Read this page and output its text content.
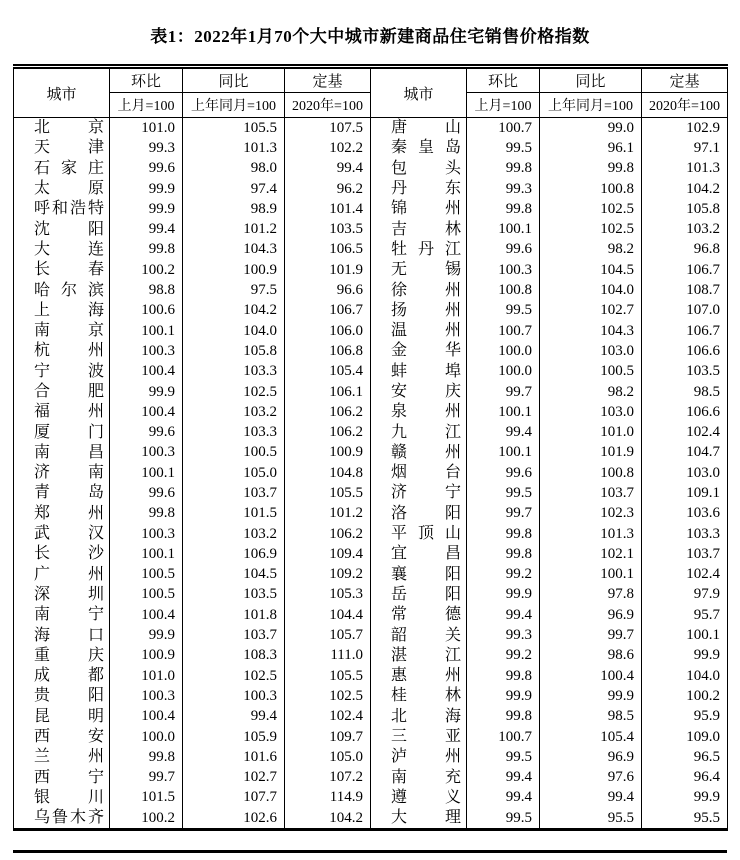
表1：2022年1月70个大中城市新建商品住宅销售价格指数
城市	环比	同比	定基	城市	环比	同比	定基
	上月=100	上年同月=100	2020年=100		上月=100	上年同月=100	2020年=100
北京	101.0	105.5	107.5	唐山	100.7	99.0	102.9
天津	99.3	101.3	102.2	秦皇岛	99.5	96.1	97.1
石家庄	99.6	98.0	99.4	包头	99.8	99.8	101.3
太原	99.9	97.4	96.2	丹东	99.3	100.8	104.2
呼和浩特	99.9	98.9	101.4	锦州	99.8	102.5	105.8
沈阳	99.4	101.2	103.5	吉林	100.1	102.5	103.2
大连	99.8	104.3	106.5	牡丹江	99.6	98.2	96.8
长春	100.2	100.9	101.9	无锡	100.3	104.5	106.7
哈尔滨	98.8	97.5	96.6	徐州	100.8	104.0	108.7
上海	100.6	104.2	106.7	扬州	99.5	102.7	107.0
南京	100.1	104.0	106.0	温州	100.7	104.3	106.7
杭州	100.3	105.8	106.8	金华	100.0	103.0	106.6
宁波	100.4	103.3	105.4	蚌埠	100.0	100.5	103.5
合肥	99.9	102.5	106.1	安庆	99.7	98.2	98.5
福州	100.4	103.2	106.2	泉州	100.1	103.0	106.6
厦门	99.6	103.3	106.2	九江	99.4	101.0	102.4
南昌	100.3	100.5	100.9	赣州	100.1	101.9	104.7
济南	100.1	105.0	104.8	烟台	99.6	100.8	103.0
青岛	99.6	103.7	105.5	济宁	99.5	103.7	109.1
郑州	99.8	101.5	101.2	洛阳	99.7	102.3	103.6
武汉	100.3	103.2	106.2	平顶山	99.8	101.3	103.3
长沙	100.1	106.9	109.4	宜昌	99.8	102.1	103.7
广州	100.5	104.5	109.2	襄阳	99.2	100.1	102.4
深圳	100.5	103.5	105.3	岳阳	99.9	97.8	97.9
南宁	100.4	101.8	104.4	常德	99.4	96.9	95.7
海口	99.9	103.7	105.7	韶关	99.3	99.7	100.1
重庆	100.9	108.3	111.0	湛江	99.2	98.6	99.9
成都	101.0	102.5	105.5	惠州	99.8	100.4	104.0
贵阳	100.3	100.3	102.5	桂林	99.9	99.9	100.2
昆明	100.4	99.4	102.4	北海	99.8	98.5	95.9
西安	100.0	105.9	109.7	三亚	100.7	105.4	109.0
兰州	99.8	101.6	105.0	泸州	99.5	96.9	96.5
西宁	99.7	102.7	107.2	南充	99.4	97.6	96.4
银川	101.5	107.7	114.9	遵义	99.4	99.4	99.9
乌鲁木齐	100.2	102.6	104.2	大理	99.5	95.5	95.5
